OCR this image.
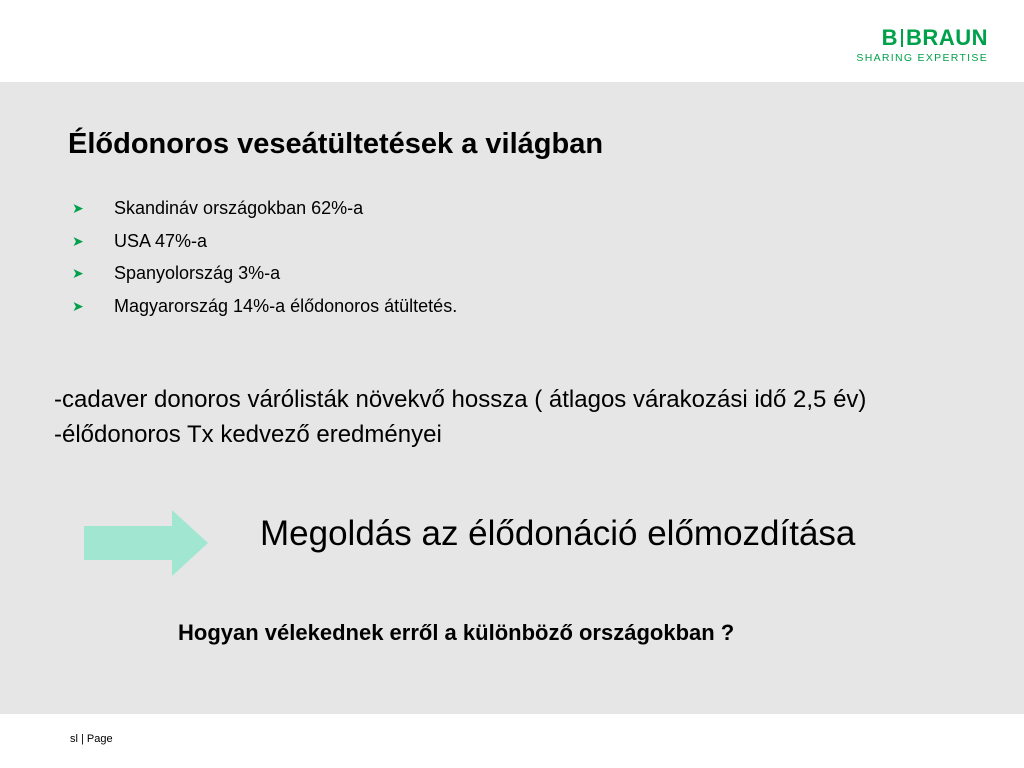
B BRAUN
SHARING EXPERTISE
Élődonoros veseátültetések a világban
➤	Skandináv országokban 62%-a
➤	USA 47%-a
➤	Spanyolország 3%-a
➤	Magyarország 14%-a élődonoros átültetés.
-cadaver donoros várólisták növekvő hossza ( átlagos várakozási idő 2,5 év)
-élődonoros Tx kedvező eredményei
Megoldás az élődonáció előmozdítása
Hogyan vélekednek erről a különböző országokban ?
sl | Page
